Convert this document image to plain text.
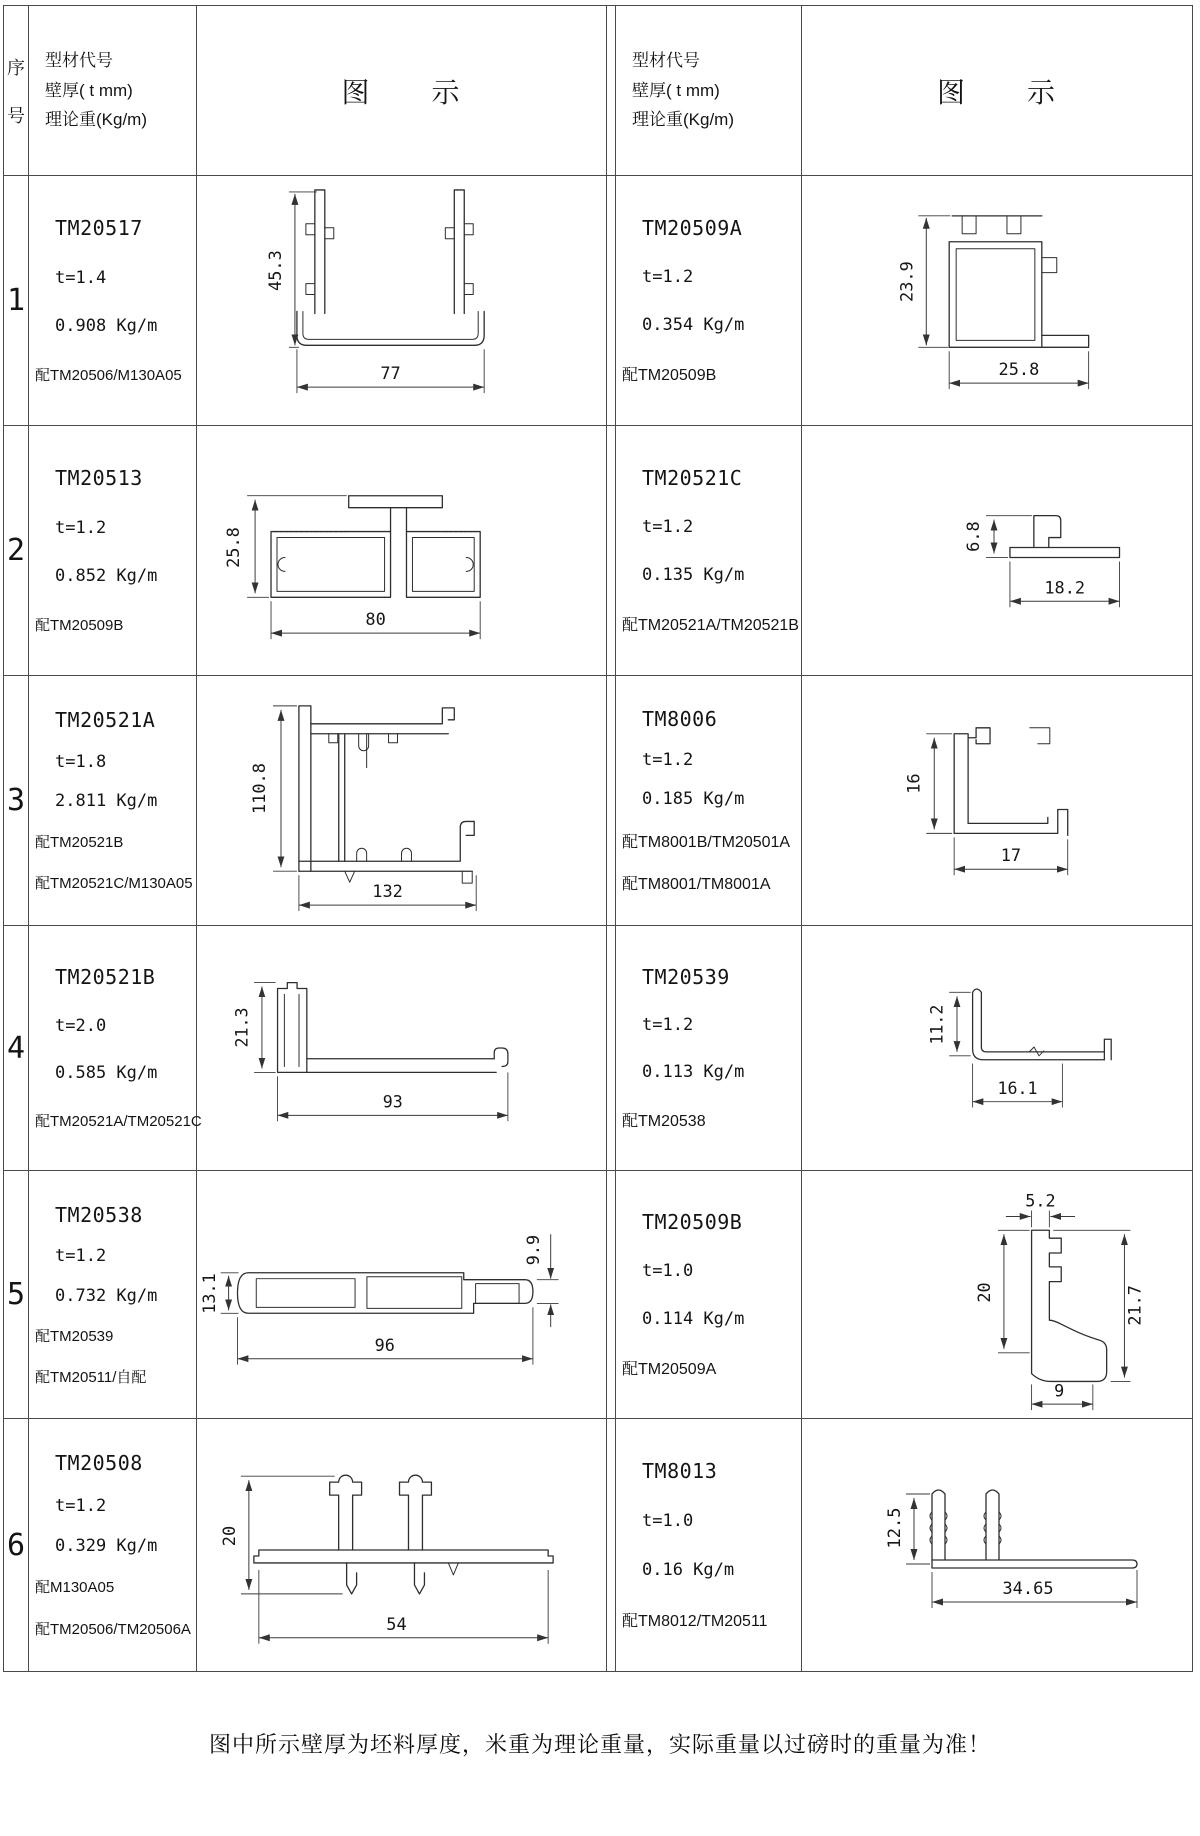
序
号
型材代号
壁厚( t mm)
理论重(Kg/m)
图　　示
型材代号
壁厚( t mm)
理论重(Kg/m)
图　　示
1
TM20517
t=1.4
0.908 Kg/m
配TM20506/M130A05
45.3
77
TM20509A
t=1.2
0.354 Kg/m
配TM20509B
23.9
25.8
2
TM20513
t=1.2
0.852 Kg/m
配TM20509B
25.8
80
TM20521C
t=1.2
0.135 Kg/m
配TM20521A/TM20521B
6.8
18.2
3
TM20521A
t=1.8
2.811 Kg/m
配TM20521B
配TM20521C/M130A05
110.8
132
TM8006
t=1.2
0.185 Kg/m
配TM8001B/TM20501A
配TM8001/TM8001A
16
17
4
TM20521B
t=2.0
0.585 Kg/m
配TM20521A/TM20521C
21.3
93
TM20539
t=1.2
0.113 Kg/m
配TM20538
11.2
16.1
5
TM20538
t=1.2
0.732 Kg/m
配TM20539
配TM20511/自配
13.1
96
9.9
TM20509B
t=1.0
0.114 Kg/m
配TM20509A
5.2
20	21.7
9
6
TM20508
t=1.2
0.329 Kg/m
配M130A05
配TM20506/TM20506A
20
54
TM8013
t=1.0
0.16 Kg/m
配TM8012/TM20511
12.5
34.65
图中所示壁厚为坯料厚度，米重为理论重量，实际重量以过磅时的重量为准！
